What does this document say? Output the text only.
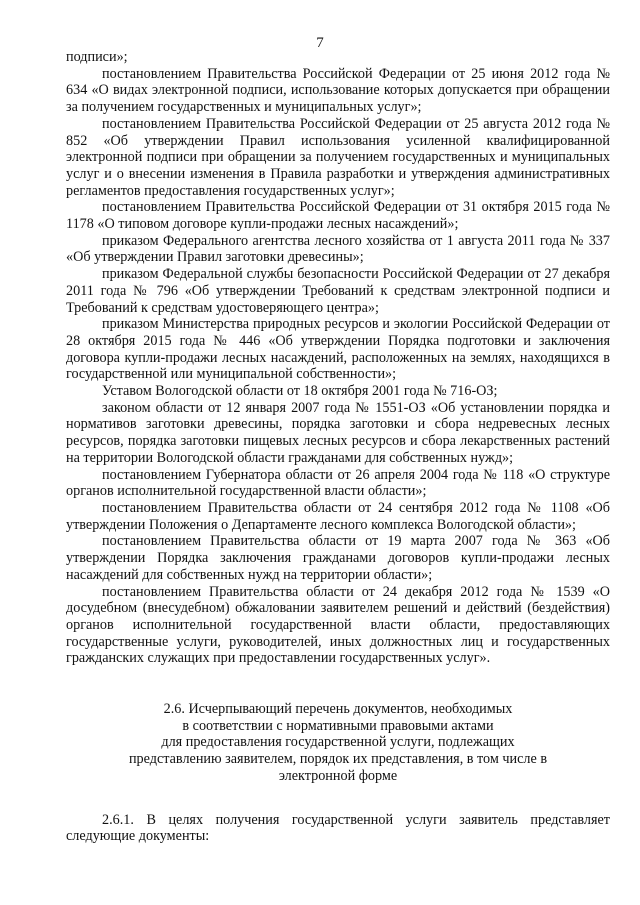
7

подписи»;

постановлением Правительства Российской Федерации от 25 июня 2012 года № 634 «О видах электронной подписи, использование которых допускается при обращении за получением государственных и муниципальных услуг»;

постановлением Правительства Российской Федерации от 25 августа 2012 года № 852 «Об утверждении Правил использования усиленной квалифицированной электронной подписи при обращении за получением государственных и муниципальных услуг и о внесении изменения в Правила разработки и утверждения административных регламентов предоставления государственных услуг»;

постановлением Правительства Российской Федерации от 31 октября 2015 года № 1178 «О типовом договоре купли-продажи лесных насаждений»;

приказом Федерального агентства лесного хозяйства от 1 августа 2011 года № 337 «Об утверждении Правил заготовки древесины»;

приказом Федеральной службы безопасности Российской Федерации от 27 декабря 2011 года № 796 «Об утверждении Требований к средствам электронной подписи и Требований к средствам удостоверяющего центра»;

приказом Министерства природных ресурсов и экологии Российской Федерации от 28 октября 2015 года № 446 «Об утверждении Порядка подготовки и заключения договора купли-продажи лесных насаждений, расположенных на землях, находящихся в государственной или муниципальной собственности»;

Уставом Вологодской области от 18 октября 2001 года № 716-ОЗ;

законом области от 12 января 2007 года № 1551-ОЗ «Об установлении порядка и нормативов заготовки древесины, порядка заготовки и сбора недревесных лесных ресурсов, порядка заготовки пищевых лесных ресурсов и сбора лекарственных растений на территории Вологодской области гражданами для собственных нужд»;

постановлением Губернатора области от 26 апреля 2004 года № 118 «О структуре органов исполнительной государственной власти области»;

постановлением Правительства области от 24 сентября 2012 года № 1108 «Об утверждении Положения о Департаменте лесного комплекса Вологодской области»;

постановлением Правительства области от 19 марта 2007 года № 363 «Об утверждении Порядка заключения гражданами договоров купли-продажи лесных насаждений для собственных нужд на территории области»;

постановлением Правительства области от 24 декабря 2012 года № 1539 «О досудебном (внесудебном) обжаловании заявителем решений и действий (бездействия) органов исполнительной государственной власти области, предоставляющих государственные услуги, руководителей, иных должностных лиц и государственных гражданских служащих при предоставлении государственных услуг».

2.6. Исчерпывающий перечень документов, необходимых
в соответствии с нормативными правовыми актами
для предоставления государственной услуги, подлежащих
представлению заявителем, порядок их представления, в том числе в
электронной форме

2.6.1. В целях получения государственной услуги заявитель представляет следующие документы:
